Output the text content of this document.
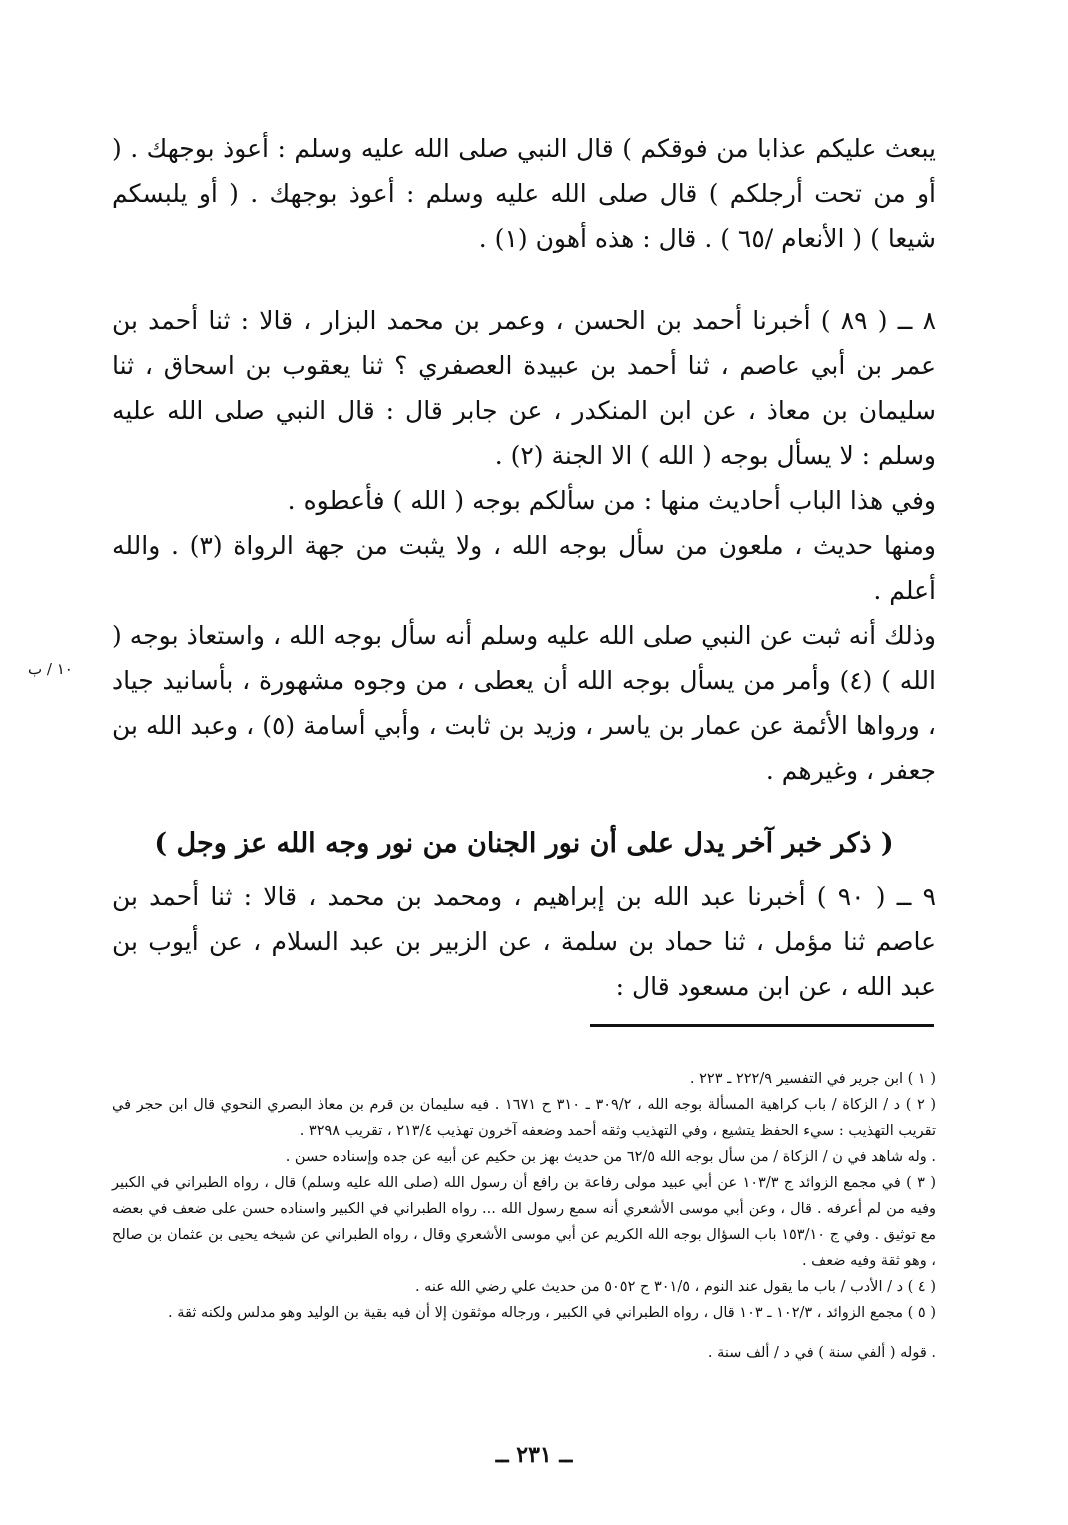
يبعث عليكم عذابا من فوقكم ) قال النبي صلى الله عليه وسلم : أعوذ بوجهك . ( أو من تحت أرجلكم ) قال صلى الله عليه وسلم : أعوذ بوجهك . ( أو يلبسكم شيعا ) ( الأنعام /٦٥ ) . قال : هذه أهون (١) .

٨ ــ ( ٨٩ ) أخبرنا أحمد بن الحسن ، وعمر بن محمد البزار ، قالا : ثنا أحمد بن عمر بن أبي عاصم ، ثنا أحمد بن عبيدة العصفري ؟ ثنا يعقوب بن اسحاق ، ثنا سليمان بن معاذ ، عن ابن المنكدر ، عن جابر قال : قال النبي صلى الله عليه وسلم : لا يسأل بوجه ( الله ) الا الجنة (٢) .

وفي هذا الباب أحاديث منها : من سألكم بوجه ( الله ) فأعطوه .

ومنها حديث ، ملعون من سأل بوجه الله ، ولا يثبت من جهة الرواة (٣) . والله أعلم .

وذلك أنه ثبت عن النبي صلى الله عليه وسلم أنه سأل بوجه الله ، واستعاذ بوجه ( الله ) (٤) وأمر من يسأل بوجه الله أن يعطى ، من وجوه مشهورة ، بأسانيد جياد ، ورواها الأئمة عن عمار بن ياسر ، وزيد بن ثابت ، وأبي أسامة (٥) ، وعبد الله بن جعفر ، وغيرهم .

١٠ / ب
( ذكر خبر آخر يدل على أن نور الجنان من نور وجه الله عز وجل )

٩ ــ ( ٩٠ ) أخبرنا عبد الله بن إبراهيم ، ومحمد بن محمد ، قالا : ثنا أحمد بن عاصم ثنا مؤمل ، ثنا حماد بن سلمة ، عن الزبير بن عبد السلام ، عن أيوب بن عبد الله ، عن ابن مسعود قال :

( ١ ) ابن جرير في التفسير ٢٢٢/٩ ـ ٢٢٣ .

( ٢ ) د / الزكاة / باب كراهية المسألة بوجه الله ، ٣٠٩/٢ ـ ٣١٠ ح ١٦٧١ . فيه سليمان بن قرم بن معاذ البصري النحوي قال ابن حجر في تقريب التهذيب : سيء الحفظ يتشيع ، وفي التهذيب وثقه أحمد وضعفه آخرون تهذيب ٢١٣/٤ ، تقريب ٣٢٩٨ .

. وله شاهد في ن / الزكاة / من سأل بوجه الله ٦٢/٥ من حديث بهز بن حكيم عن أبيه عن جده وإسناده حسن .

( ٣ ) في مجمع الزوائد ج ١٠٣/٣ عن أبي عبيد مولى رفاعة بن رافع أن رسول الله (صلى الله عليه وسلم) قال ، رواه الطبراني في الكبير وفيه من لم أعرفه . قال ، وعن أبي موسى الأشعري أنه سمع رسول الله ... رواه الطبراني في الكبير واسناده حسن على ضعف في بعضه مع توثيق . وفي ج ١٥٣/١٠ باب السؤال بوجه الله الكريم عن أبي موسى الأشعري وقال ، رواه الطبراني عن شيخه يحيى بن عثمان بن صالح ، وهو ثقة وفيه ضعف .

( ٤ ) د / الأدب / باب ما يقول عند النوم ، ٣٠١/٥ ح ٥٠٥٢ من حديث علي رضي الله عنه .

( ٥ ) مجمع الزوائد ، ١٠٢/٣ ـ ١٠٣ قال ، رواه الطبراني في الكبير ، ورجاله موثقون إلا أن فيه بقية بن الوليد وهو مدلس ولكنه ثقة .

. قوله ( ألفي سنة ) في د / ألف سنة .

ــ ٢٣١ ــ
